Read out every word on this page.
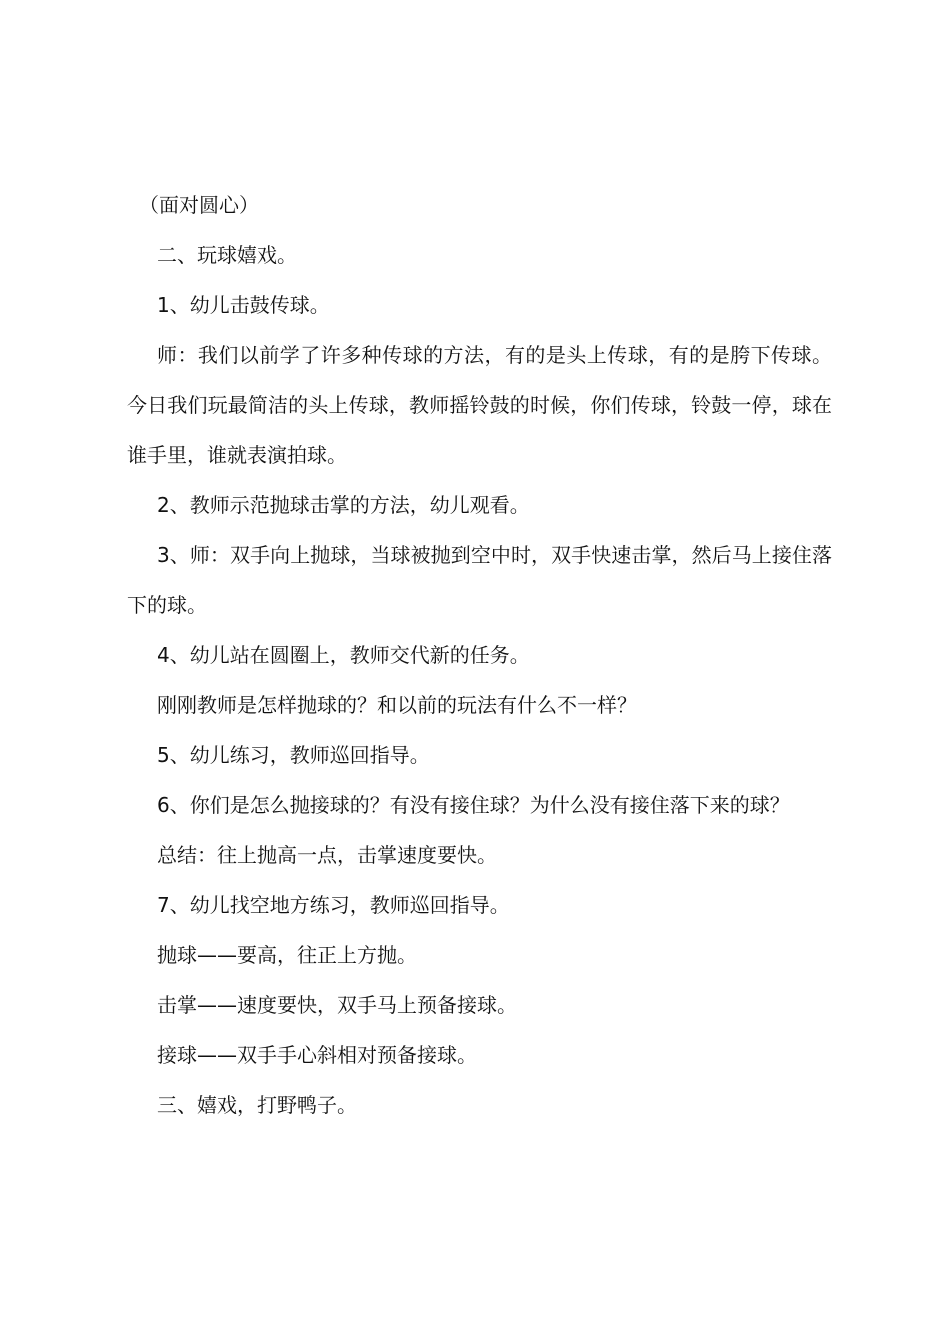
（面对圆心）

二、玩球嬉戏。

1、幼儿击鼓传球。

师：我们以前学了许多种传球的方法，有的是头上传球，有的是胯下传球。今日我们玩最简洁的头上传球，教师摇铃鼓的时候，你们传球，铃鼓一停，球在谁手里，谁就表演拍球。

2、教师示范抛球击掌的方法，幼儿观看。

3、师：双手向上抛球，当球被抛到空中时，双手快速击掌，然后马上接住落下的球。

4、幼儿站在圆圈上，教师交代新的任务。

刚刚教师是怎样抛球的？和以前的玩法有什么不一样？

5、幼儿练习，教师巡回指导。

6、你们是怎么抛接球的？有没有接住球？为什么没有接住落下来的球？

总结：往上抛高一点，击掌速度要快。

7、幼儿找空地方练习，教师巡回指导。

抛球——要高，往正上方抛。

击掌——速度要快，双手马上预备接球。

接球——双手手心斜相对预备接球。

三、嬉戏，打野鸭子。
